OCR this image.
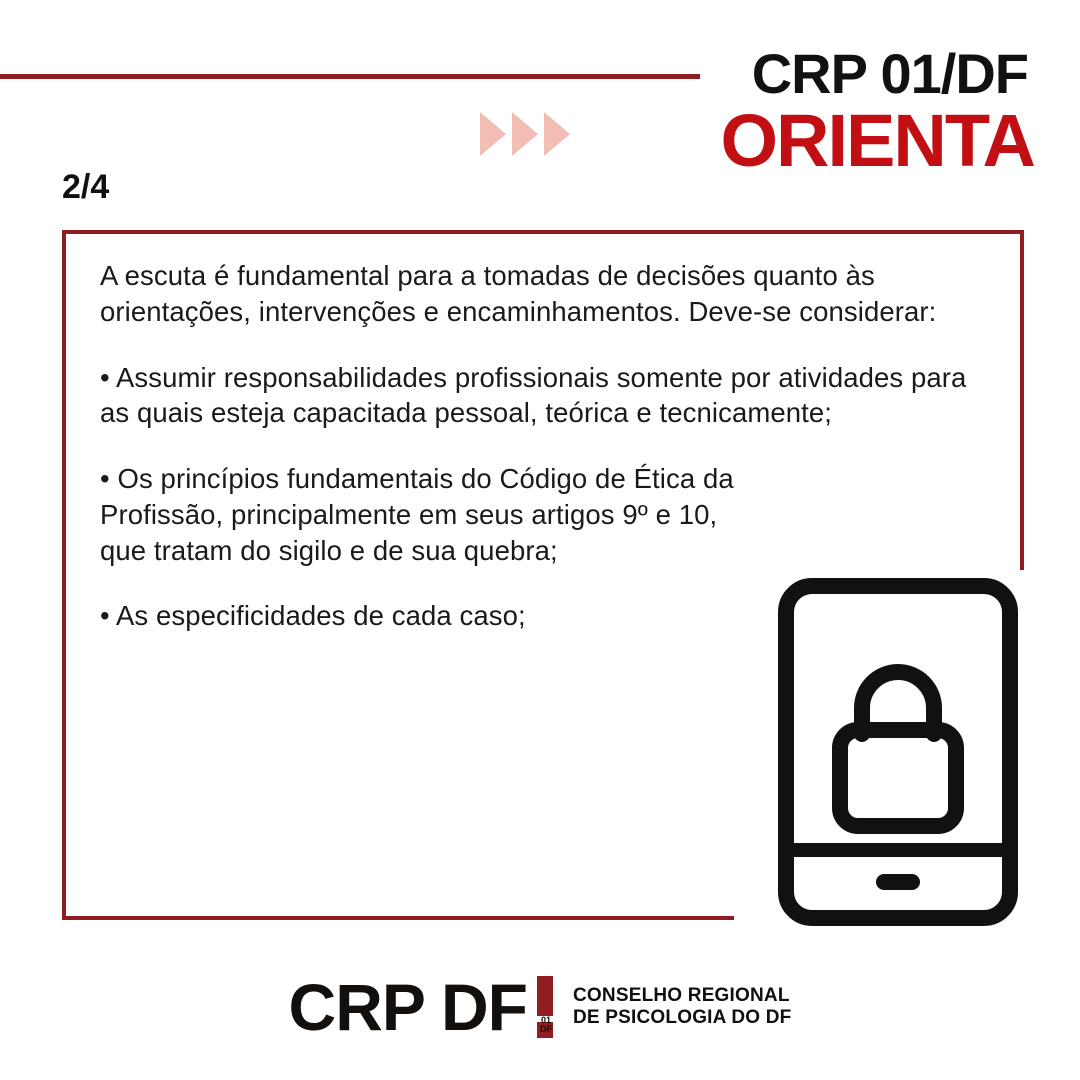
CRP 01/DF
ORIENTA
2/4

A escuta é fundamental para a tomadas de decisões quanto às orientações, intervenções e encaminhamentos. Deve-se considerar:

• Assumir responsabilidades profissionais somente por atividades para as quais esteja capacitada pessoal, teórica e tecnicamente;

• Os princípios fundamentais do Código de Ética da Profissão, principalmente em seus artigos 9º e 10, que tratam do sigilo e de sua quebra;

• As especificidades de cada caso;

CRP DF	01
DF
CONSELHO REGIONAL
DE PSICOLOGIA DO DF
